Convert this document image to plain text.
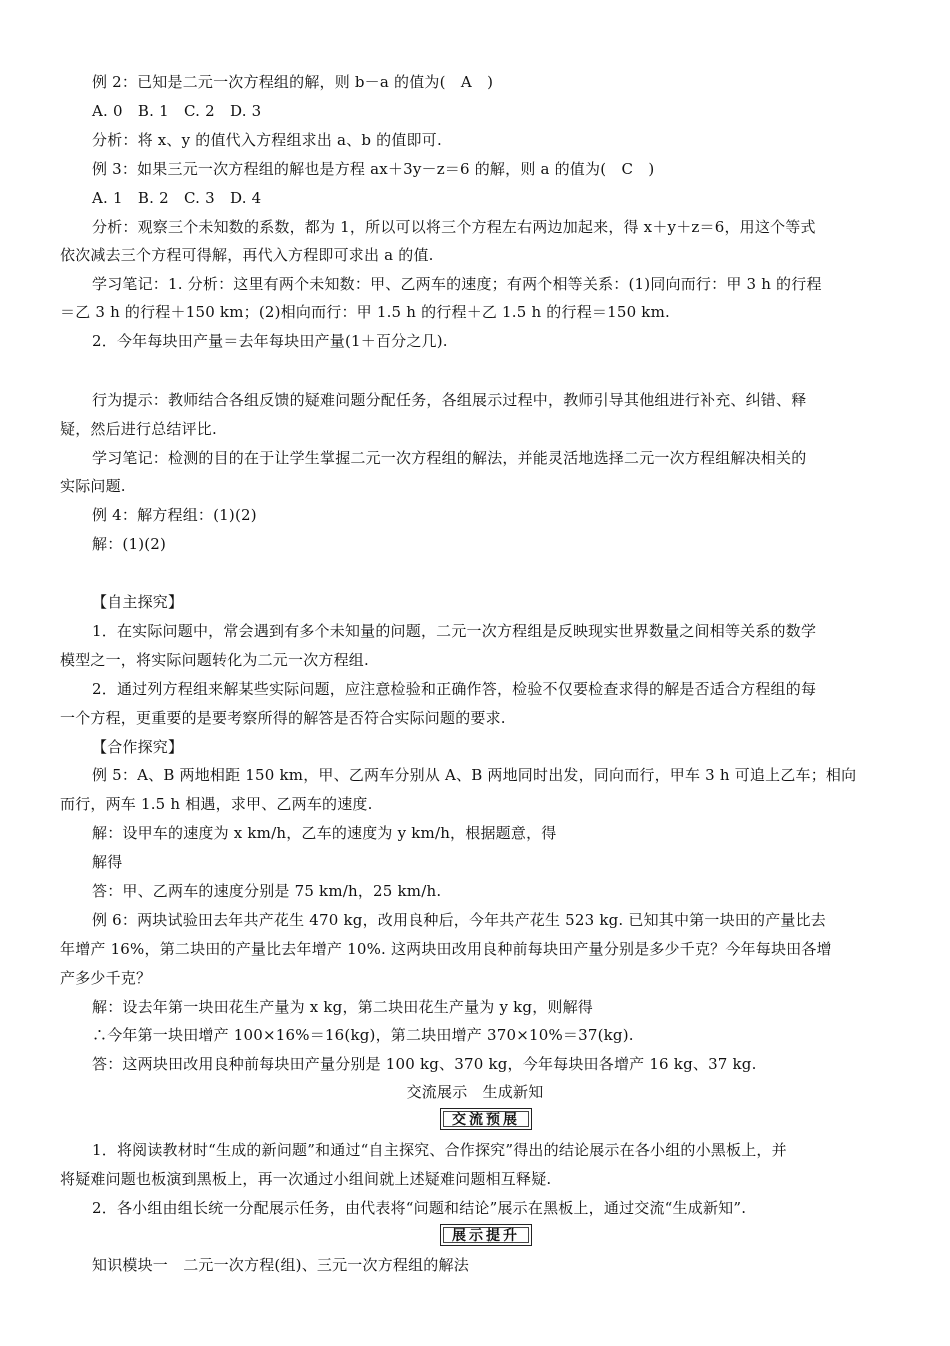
例 2：已知是二元一次方程组的解，则 b－a 的值为(　A　)
A. 0　B. 1　C. 2　D. 3
分析：将 x、y 的值代入方程组求出 a、b 的值即可.
例 3：如果三元一次方程组的解也是方程 ax＋3y－z＝6 的解，则 a 的值为(　C　)
A. 1　B. 2　C. 3　D. 4
分析：观察三个未知数的系数，都为 1，所以可以将三个方程左右两边加起来，得 x＋y＋z＝6，用这个等式
依次减去三个方程可得解，再代入方程即可求出 a 的值.
学习笔记：1. 分析：这里有两个未知数：甲、乙两车的速度；有两个相等关系：(1)同向而行：甲 3 h 的行程
＝乙 3 h 的行程＋150 km；(2)相向而行：甲 1.5 h 的行程＋乙 1.5 h 的行程＝150 km.
2．今年每块田产量＝去年每块田产量(1＋百分之几).
行为提示：教师结合各组反馈的疑难问题分配任务，各组展示过程中，教师引导其他组进行补充、纠错、释
疑，然后进行总结评比.
学习笔记：检测的目的在于让学生掌握二元一次方程组的解法，并能灵活地选择二元一次方程组解决相关的
实际问题.
例 4：解方程组：(1)(2)
解：(1)(2)
【自主探究】
1．在实际问题中，常会遇到有多个未知量的问题，二元一次方程组是反映现实世界数量之间相等关系的数学
模型之一，将实际问题转化为二元一次方程组.
2．通过列方程组来解某些实际问题，应注意检验和正确作答，检验不仅要检查求得的解是否适合方程组的每
一个方程，更重要的是要考察所得的解答是否符合实际问题的要求.
【合作探究】
例 5：A、B 两地相距 150 km，甲、乙两车分别从 A、B 两地同时出发，同向而行，甲车 3 h 可追上乙车；相向
而行，两车 1.5 h 相遇，求甲、乙两车的速度.
解：设甲车的速度为 x km/h，乙车的速度为 y km/h，根据题意，得
解得
答：甲、乙两车的速度分别是 75 km/h，25 km/h.
例 6：两块试验田去年共产花生 470 kg，改用良种后，今年共产花生 523 kg. 已知其中第一块田的产量比去
年增产 16%，第二块田的产量比去年增产 10%. 这两块田改用良种前每块田产量分别是多少千克？今年每块田各增
产多少千克？
解：设去年第一块田花生产量为 x kg，第二块田花生产量为 y kg，则解得
∴今年第一块田增产 100×16%＝16(kg)，第二块田增产 370×10%＝37(kg).
答：这两块田改用良种前每块田产量分别是 100 kg、370 kg，今年每块田各增产 16 kg、37 kg.
交流展示　生成新知
交流预展
1．将阅读教材时“生成的新问题”和通过“自主探究、合作探究”得出的结论展示在各小组的小黑板上，并
将疑难问题也板演到黑板上，再一次通过小组间就上述疑难问题相互释疑.
2．各小组由组长统一分配展示任务，由代表将“问题和结论”展示在黑板上，通过交流“生成新知”.
展示提升
知识模块一　二元一次方程(组)、三元一次方程组的解法
